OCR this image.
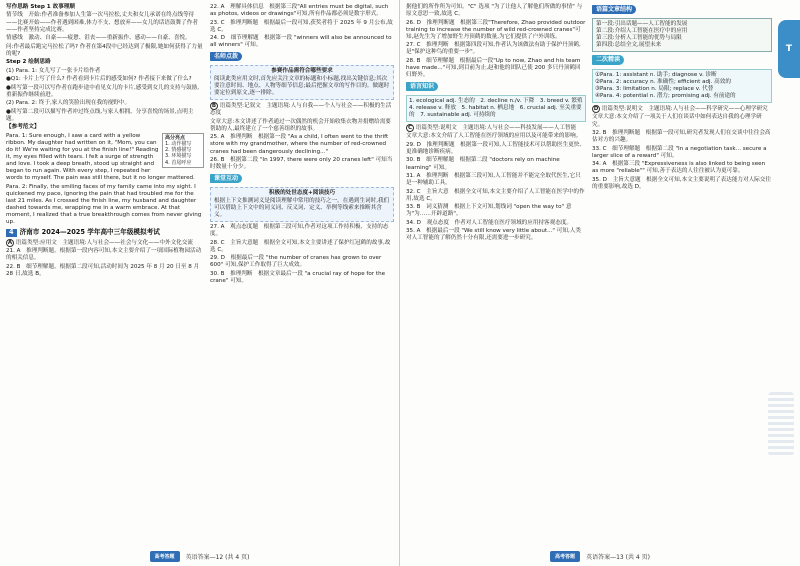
写作思路 Step 1 故事理顺

情节线　开始:作者准备参加人生第一次马拉松,丈夫和女儿承诺在终点线等待——比赛开始——作者遇到困难,体力不支、想放弃——女儿的话语鼓舞了作者——作者坚持完成比赛。

情感线　激动、自豪——疲惫、沮丧——重新振作、感动——自豪、喜悦。

问:作者最后跑完马拉松了吗? 作者在第4段中已经达到了极限,她如何获得了力量的呢?

Step 2 绘制思路

(1) Para. 1: 女儿写了一张卡片给作者

●Q1: 卡片上写了什么? 作者看到卡片后的感受如何? 作者接下来做了什么?

●续写第一段可以写作者在跑步途中看见女儿的卡片,感受到女儿的支持与鼓励,重新振作继续前进。

(2) Para. 2: 终于,家人的笑脸出现在我的视野中。

●续写第二段可以描写作者冲过终点线,与家人相拥、分享喜悦的场景,点明主题。

【参考范文】

高分亮点
1. 动作描写
2. 情感描写
3. 环境描写
4. 首尾呼应

Para. 1: Sure enough, I saw a card with a yellow ribbon. My daughter had written on it, "Mom, you can do it! We're waiting for you at the finish line!" Reading it, my eyes filled with tears. I felt a surge of strength and love. I took a deep breath, stood up straight and began to run again. With every step, I repeated her words to myself. The pain was still there, but it no longer mattered.

Para. 2: Finally, the smiling faces of my family came into my sight. I quickened my pace, ignoring the pain that had troubled me for the last 21 miles. As I crossed the finish line, my husband and daughter dashed towards me, wrapping me in a warm embrace. At that moment, I realized that a true breakthrough comes from never giving up.

4 济南市 2024—2025 学年高中三年级模拟考试

A 语篇类型:应用文　主题语境:人与社会——社会与文化——中外文化交流

21. A　推理判断题。根据第一段内容可知,本文主要介绍了一项国际植物园活动的相关信息。

22. B　细节理解题。根据第二段可知,活动时间为 2025 年 8 月 20 日至 8 月 28 日,故选 B。

22. A　理解具体信息　根据第三段"All entries must be digital, such as photos, videos or drawings"可知,所有作品都必须是数字形式。

23. C　推理判断题　根据最后一段可知,获奖者将于 2025 年 9 月公布,故选 C。

24. D　细节理解题　根据第一段 "winners will also be announced to all winners" 可知。

名师点拨
参赛作品需符合哪些要求
阅读此类应用文时,首先应关注文章的标题和小标题,找出关键信息;其次要注意时间、地点、人物等细节信息;最后把握文章的写作目的。做题时要定位到原文,逐一排除。

B 语篇类型:记叙文　主题语境:人与自我——个人与社会——积极的生活态度

文章大意:本文讲述了作者通过一次偶然的机会开始收集衣物并捐赠给需要帮助的人,最终建立了一个慈善组织的故事。

25. A　推理判断　根据第一段 "As a child, I often went to the thrift store with my grandmother, where the number of red-crowned cranes had been dangerously declining..."

26. B　根据第二段 "In 1997, there were only 20 cranes left" 可知当时数量十分少。

课堂互动
积极的处世态度+阅读技巧
根据上下文推测词义是阅读理解中常用的技巧之一。在遇到生词时,我们可以借助上下文中的同义词、反义词、定义、举例等线索来推断其含义。

27. A　观点态度题　根据第三段可知,作者对这项工作持积极、支持的态度。

28. C　主旨大意题　根据全文可知,本文主要讲述了保护红冠鹤的故事,故选 C。

29. D　根据最后一段 "the number of cranes has grown to over 600" 可知,保护工作取得了巨大成效。

30. B　推理判断　根据文章最后一段 "a crucial ray of hope for the crane" 可知。

高考答题	英语答案—12 (共 4 页)

据他们的所作所为可知。"C" 选项 "为了让他人了解他们所做的事情" 与原文意思一致,故选 C。

26. D　推理判断题　根据第三段"Therefore, Zhao provided outdoor training to increase the number of wild red-crowned cranes"可知,赵先生为了增加野生丹顶鹤的数量,为它们提供了户外训练。

27. C　推理判断　根据第四段可知,作者认为该做法有助于保护丹顶鹤,是"保护这种鸟的重要一步"。

28. B　细节理解题　根据最后一段"Up to now, Zhao and his team have made..."可知,到目前为止,赵和他的团队已使 200 多只丹顶鹤回归野外。

语言知识
1. ecological adj. 生态的　2. decline n./v. 下降　3. breed v. 繁殖　4. release v. 释放　5. habitat n. 栖息地　6. crucial adj. 至关重要的　7. sustainable adj. 可持续的

C 语篇类型:说明文　主题语境:人与社会——科技发展——人工智能

文章大意:本文介绍了人工智能在医疗领域的应用以及可能带来的影响。

29. D　推理判断题　根据第一段可知,人工智能技术可以帮助医生更快、更准确地诊断疾病。

30. B　细节理解题　根据第二段 "doctors rely on machine learning" 可知。

31. A　推理判断　根据第三段可知,人工智能并不能完全取代医生,它只是一种辅助工具。

32. C　主旨大意　根据全文可知,本文主要介绍了人工智能在医学中的作用,故选 C。

33. B　词义猜测　根据上下文可知,划线词 "open the way to" 意为"为……开辟道路"。

34. D　观点态度　作者对人工智能在医疗领域的应用持客观态度。

35. A　根据最后一段 "We still know very little about..." 可知,人类对人工智能的了解仍然十分有限,还需要进一步研究。

语篇文章结构
第一段:引出话题——人工智能的发展
第二段:介绍人工智能在医疗中的应用
第三段:分析人工智能的优势与局限
第四段:总结全文,展望未来
二次精读
①Para. 1: assistant n. 助手; diagnose v. 诊断
②Para. 2: accuracy n. 准确性; efficient adj. 高效的
③Para. 3: limitation n. 局限; replace v. 代替
④Para. 4: potential n. 潜力; promising adj. 有前途的

D 语篇类型:说明文　主题语境:人与社会——科学研究——心理学研究

文章大意:本文介绍了一项关于人们在谈话中如何表达自我的心理学研究。

32. B　推理判断题　根据第一段可知,研究者发现人们在交谈中往往会高估对方的兴趣。

33. C　细节理解题　根据第二段 "In a negotiation task... secure a larger slice of a reward" 可知。

34. A　根据第三段 "Expressiveness is also linked to being seen as more "reliable"" 可知,善于表达的人往往被认为更可靠。

35. D　主旨大意题　根据全文可知,本文主要说明了表达能力对人际交往的重要影响,故选 D。

T
高考答题	英语答案—13 (共 4 页)
